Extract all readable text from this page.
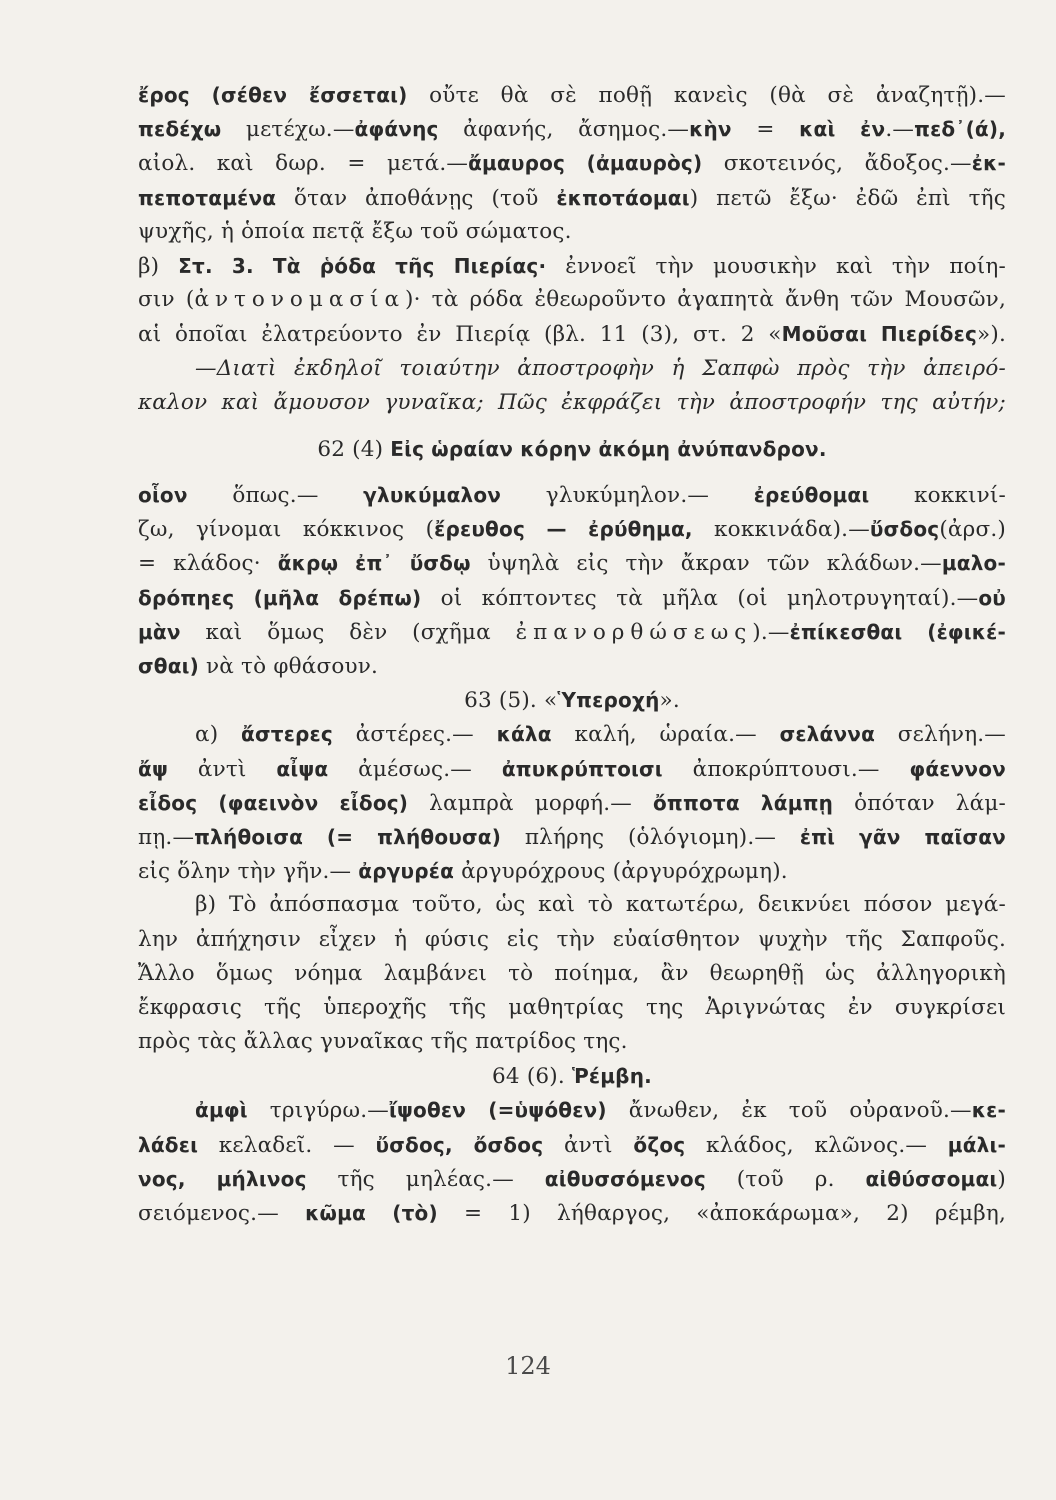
ἔρος (σέθεν ἔσσεται) οὔτε θὰ σὲ ποθῇ κανεὶς (θὰ σὲ ἀναζητῇ).—
πεδέχω μετέχω.—ἀφάνης ἀφανής, ἄσημος.—κὴν = καὶ ἐν.—πεδ᾽(ά),
αἰολ. καὶ δωρ. = μετά.—ἄμαυρος (ἀμαυρὸς) σκοτεινός, ἄδοξος.—ἐκ-
πεποταμένα ὅταν ἀποθάνῃς (τοῦ ἐκποτάομαι) πετῶ ἔξω· ἐδῶ ἐπὶ τῆς
ψυχῆς, ἡ ὁποία πετᾷ ἔξω τοῦ σώματος.
β) Στ. 3. Τὰ ῥόδα τῆς Πιερίας· ἐννοεῖ τὴν μουσικὴν καὶ τὴν ποίη-
σιν (ἀντονομασία)· τὰ ρόδα ἐθεωροῦντο ἀγαπητὰ ἄνθη τῶν Μουσῶν,
αἱ ὁποῖαι ἐλατρεύοντο ἐν Πιερίᾳ (βλ. 11 (3), στ. 2 «Μοῦσαι Πιερίδες»).
—Διατὶ ἐκδηλοῖ τοιαύτην ἀποστροφὴν ἡ Σαπφὼ πρὸς τὴν ἀπειρό-
καλον καὶ ἄμουσον γυναῖκα; Πῶς ἐκφράζει τὴν ἀποστροφήν της αὐτήν;
62 (4) Εἰς ὡραίαν κόρην ἀκόμη ἀνύπανδρον.
οἷον ὅπως.— γλυκύμαλον γλυκύμηλον.— ἐρεύθομαι κοκκινί-
ζω, γίνομαι κόκκινος (ἔρευθος — ἐρύθημα, κοκκινάδα).—ὔσδος(ἀρσ.)
= κλάδος· ἄκρῳ ἐπ᾽ ὔσδῳ ὑψηλὰ εἰς τὴν ἄκραν τῶν κλάδων.—μαλο-
δρόπηες (μῆλα δρέπω) οἱ κόπτοντες τὰ μῆλα (οἱ μηλοτρυγηταί).—οὐ
μὰν καὶ ὅμως δὲν (σχῆμα ἐπανορθώσεως).—ἐπίκεσθαι (ἐφικέ-
σθαι) νὰ τὸ φθάσουν.
63 (5). «Ὑπεροχή».
α) ἄστερες ἀστέρες.— κάλα καλή, ὡραία.— σελάννα σελήνη.—
ἄψ ἀντὶ αἶψα ἀμέσως.— ἀπυκρύπτοισι ἀποκρύπτουσι.— φάεννον
εἶδος (φαεινὸν εἶδος) λαμπρὰ μορφή.— ὄπποτα λάμπῃ ὁπόταν λάμ-
πῃ.—πλήθοισα (= πλήθουσα) πλήρης (ὁλόγιομη).— ἐπὶ γᾶν παῖσαν
εἰς ὅλην τὴν γῆν.— ἀργυρέα ἀργυρόχρους (ἀργυρόχρωμη).
β) Τὸ ἀπόσπασμα τοῦτο, ὡς καὶ τὸ κατωτέρω, δεικνύει πόσον μεγά-
λην ἀπήχησιν εἶχεν ἡ φύσις εἰς τὴν εὐαίσθητον ψυχὴν τῆς Σαπφοῦς.
Ἄλλο ὅμως νόημα λαμβάνει τὸ ποίημα, ἂν θεωρηθῇ ὡς ἀλληγορικὴ
ἔκφρασις τῆς ὑπεροχῆς τῆς μαθητρίας της Ἀριγνώτας ἐν συγκρίσει
πρὸς τὰς ἄλλας γυναῖκας τῆς πατρίδος της.
64 (6). Ῥέμβη.
ἀμφὶ τριγύρω.—ἴψοθεν (=ὑψόθεν) ἄνωθεν, ἐκ τοῦ οὐρανοῦ.—κε-
λάδει κελαδεῖ. — ὔσδος, ὄσδος ἀντὶ ὄζος κλάδος, κλῶνος.— μάλι-
νος, μήλινος τῆς μηλέας.— αἰθυσσόμενος (τοῦ ρ. αἰθύσσομαι)
σειόμενος.— κῶμα (τὸ) = 1) λήθαργος, «ἀποκάρωμα», 2) ρέμβη,
124
